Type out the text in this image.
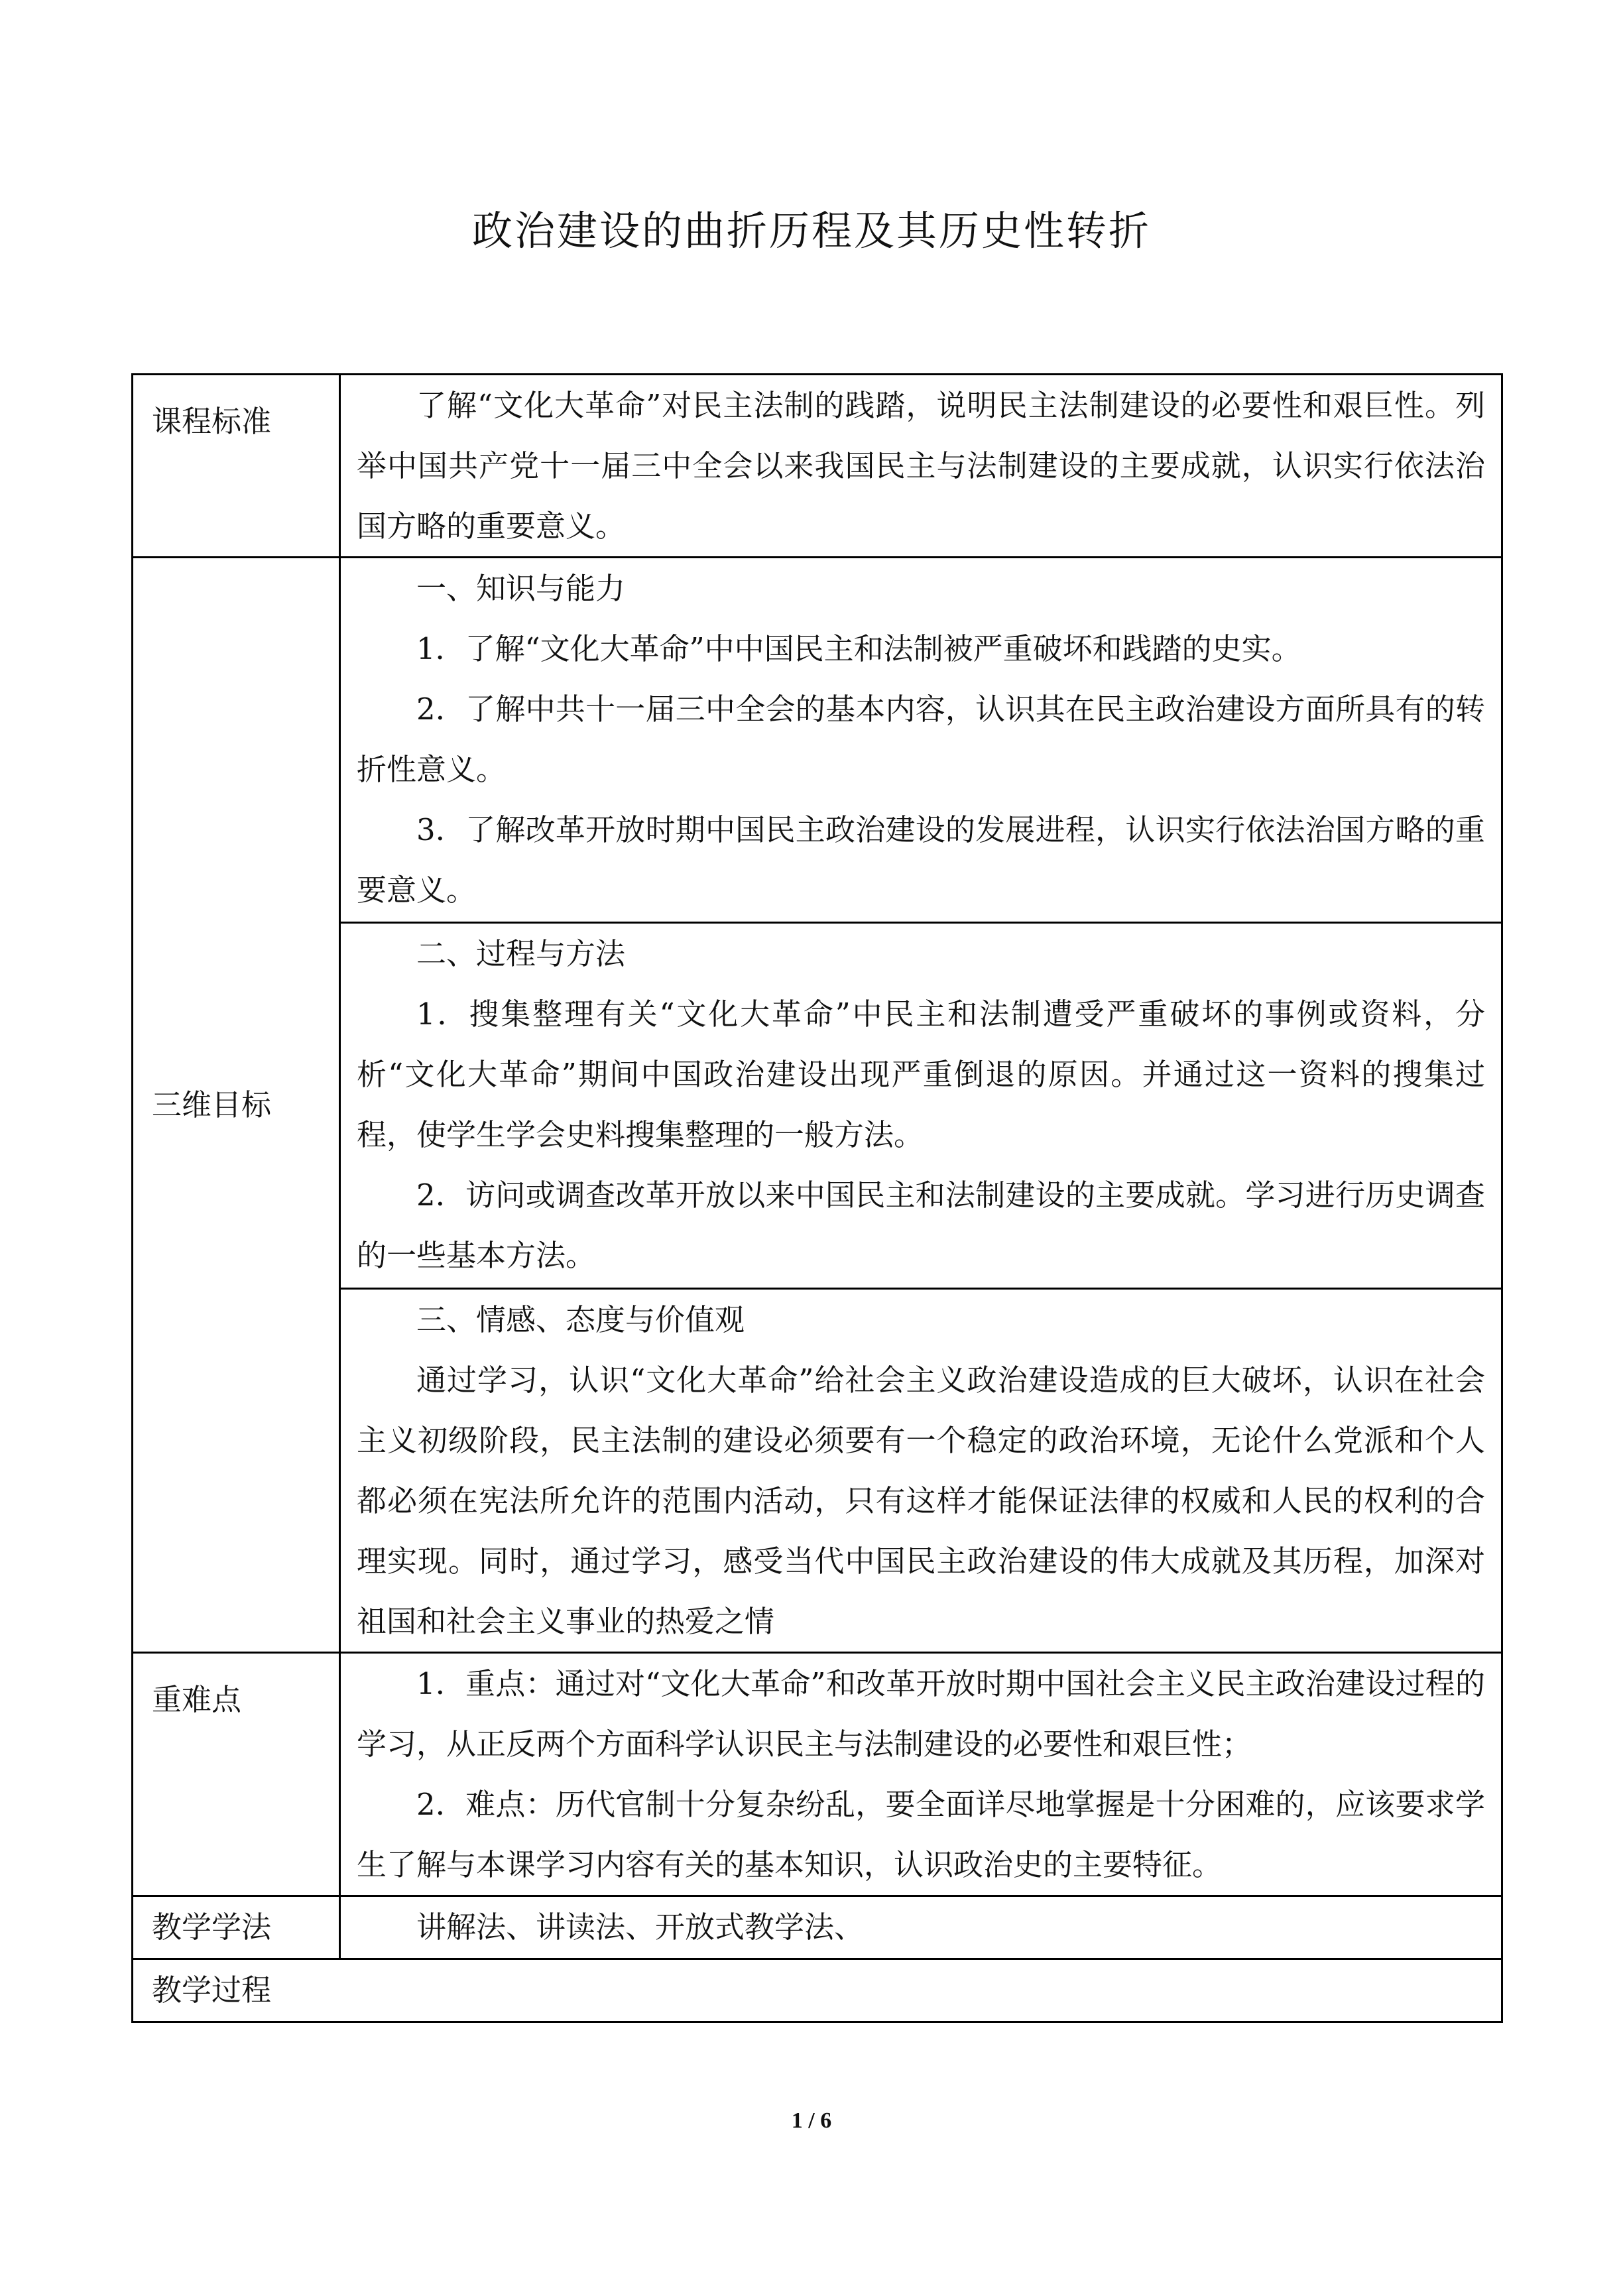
政治建设的曲折历程及其历史性转折
课程标准	了解“文化大革命”对民主法制的践踏，说明民主法制建设的必要性和艰巨性。列举中国共产党十一届三中全会以来我国民主与法制建设的主要成就，认识实行依法治国方略的重要意义。

三维目标	一、知识与能力
1．了解“文化大革命”中中国民主和法制被严重破坏和践踏的史实。
2．了解中共十一届三中全会的基本内容，认识其在民主政治建设方面所具有的转折性意义。
3．了解改革开放时期中国民主政治建设的发展进程，认识实行依法治国方略的重要意义。

	二、过程与方法
1．搜集整理有关“文化大革命”中民主和法制遭受严重破坏的事例或资料，分析“文化大革命”期间中国政治建设出现严重倒退的原因。并通过这一资料的搜集过程，使学生学会史料搜集整理的一般方法。
2．访问或调查改革开放以来中国民主和法制建设的主要成就。学习进行历史调查的一些基本方法。

	三、情感、态度与价值观
通过学习，认识“文化大革命”给社会主义政治建设造成的巨大破坏，认识在社会主义初级阶段，民主法制的建设必须要有一个稳定的政治环境，无论什么党派和个人都必须在宪法所允许的范围内活动，只有这样才能保证法律的权威和人民的权利的合理实现。同时，通过学习，感受当代中国民主政治建设的伟大成就及其历程，加深对祖国和社会主义事业的热爱之情

重难点	1．重点：通过对“文化大革命”和改革开放时期中国社会主义民主政治建设过程的学习，从正反两个方面科学认识民主与法制建设的必要性和艰巨性；
2．难点：历代官制十分复杂纷乱，要全面详尽地掌握是十分困难的，应该要求学生了解与本课学习内容有关的基本知识，认识政治史的主要特征。

教学学法	讲解法、讲读法、开放式教学法、

教学过程	
1 / 6
